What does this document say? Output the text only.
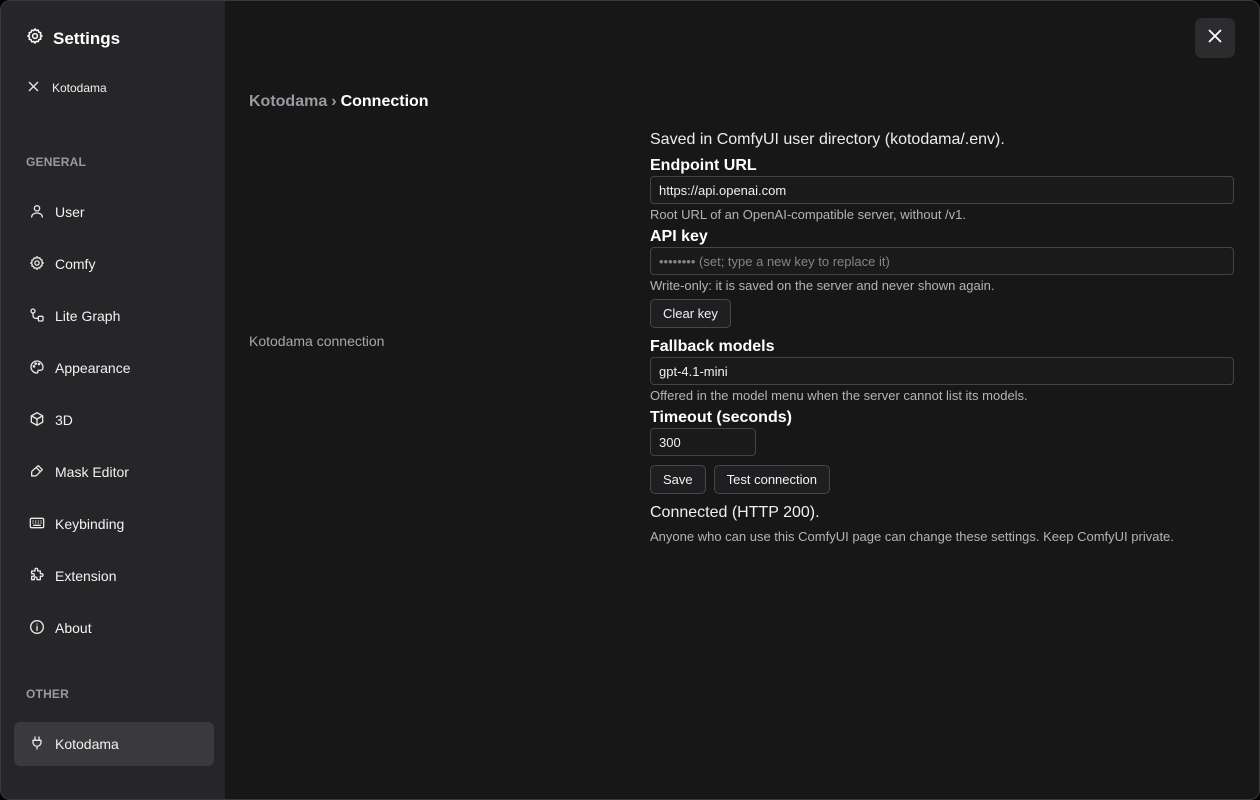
Settings
Kotodama
GENERAL
User
Comfy
Lite Graph
Appearance
3D
Mask Editor
Keybinding
Extension
About
OTHER
Kotodama
Kotodama › Connection
Kotodama connection
Saved in ComfyUI user directory (kotodama/.env).
Endpoint URL
https://api.openai.com
Root URL of an OpenAI-compatible server, without /v1.
API key
•••••••• (set; type a new key to replace it)
Write-only: it is saved on the server and never shown again.
Clear key
Fallback models
gpt-4.1-mini
Offered in the model menu when the server cannot list its models.
Timeout (seconds)
300
Save	Test connection
Connected (HTTP 200).
Anyone who can use this ComfyUI page can change these settings. Keep ComfyUI private.
